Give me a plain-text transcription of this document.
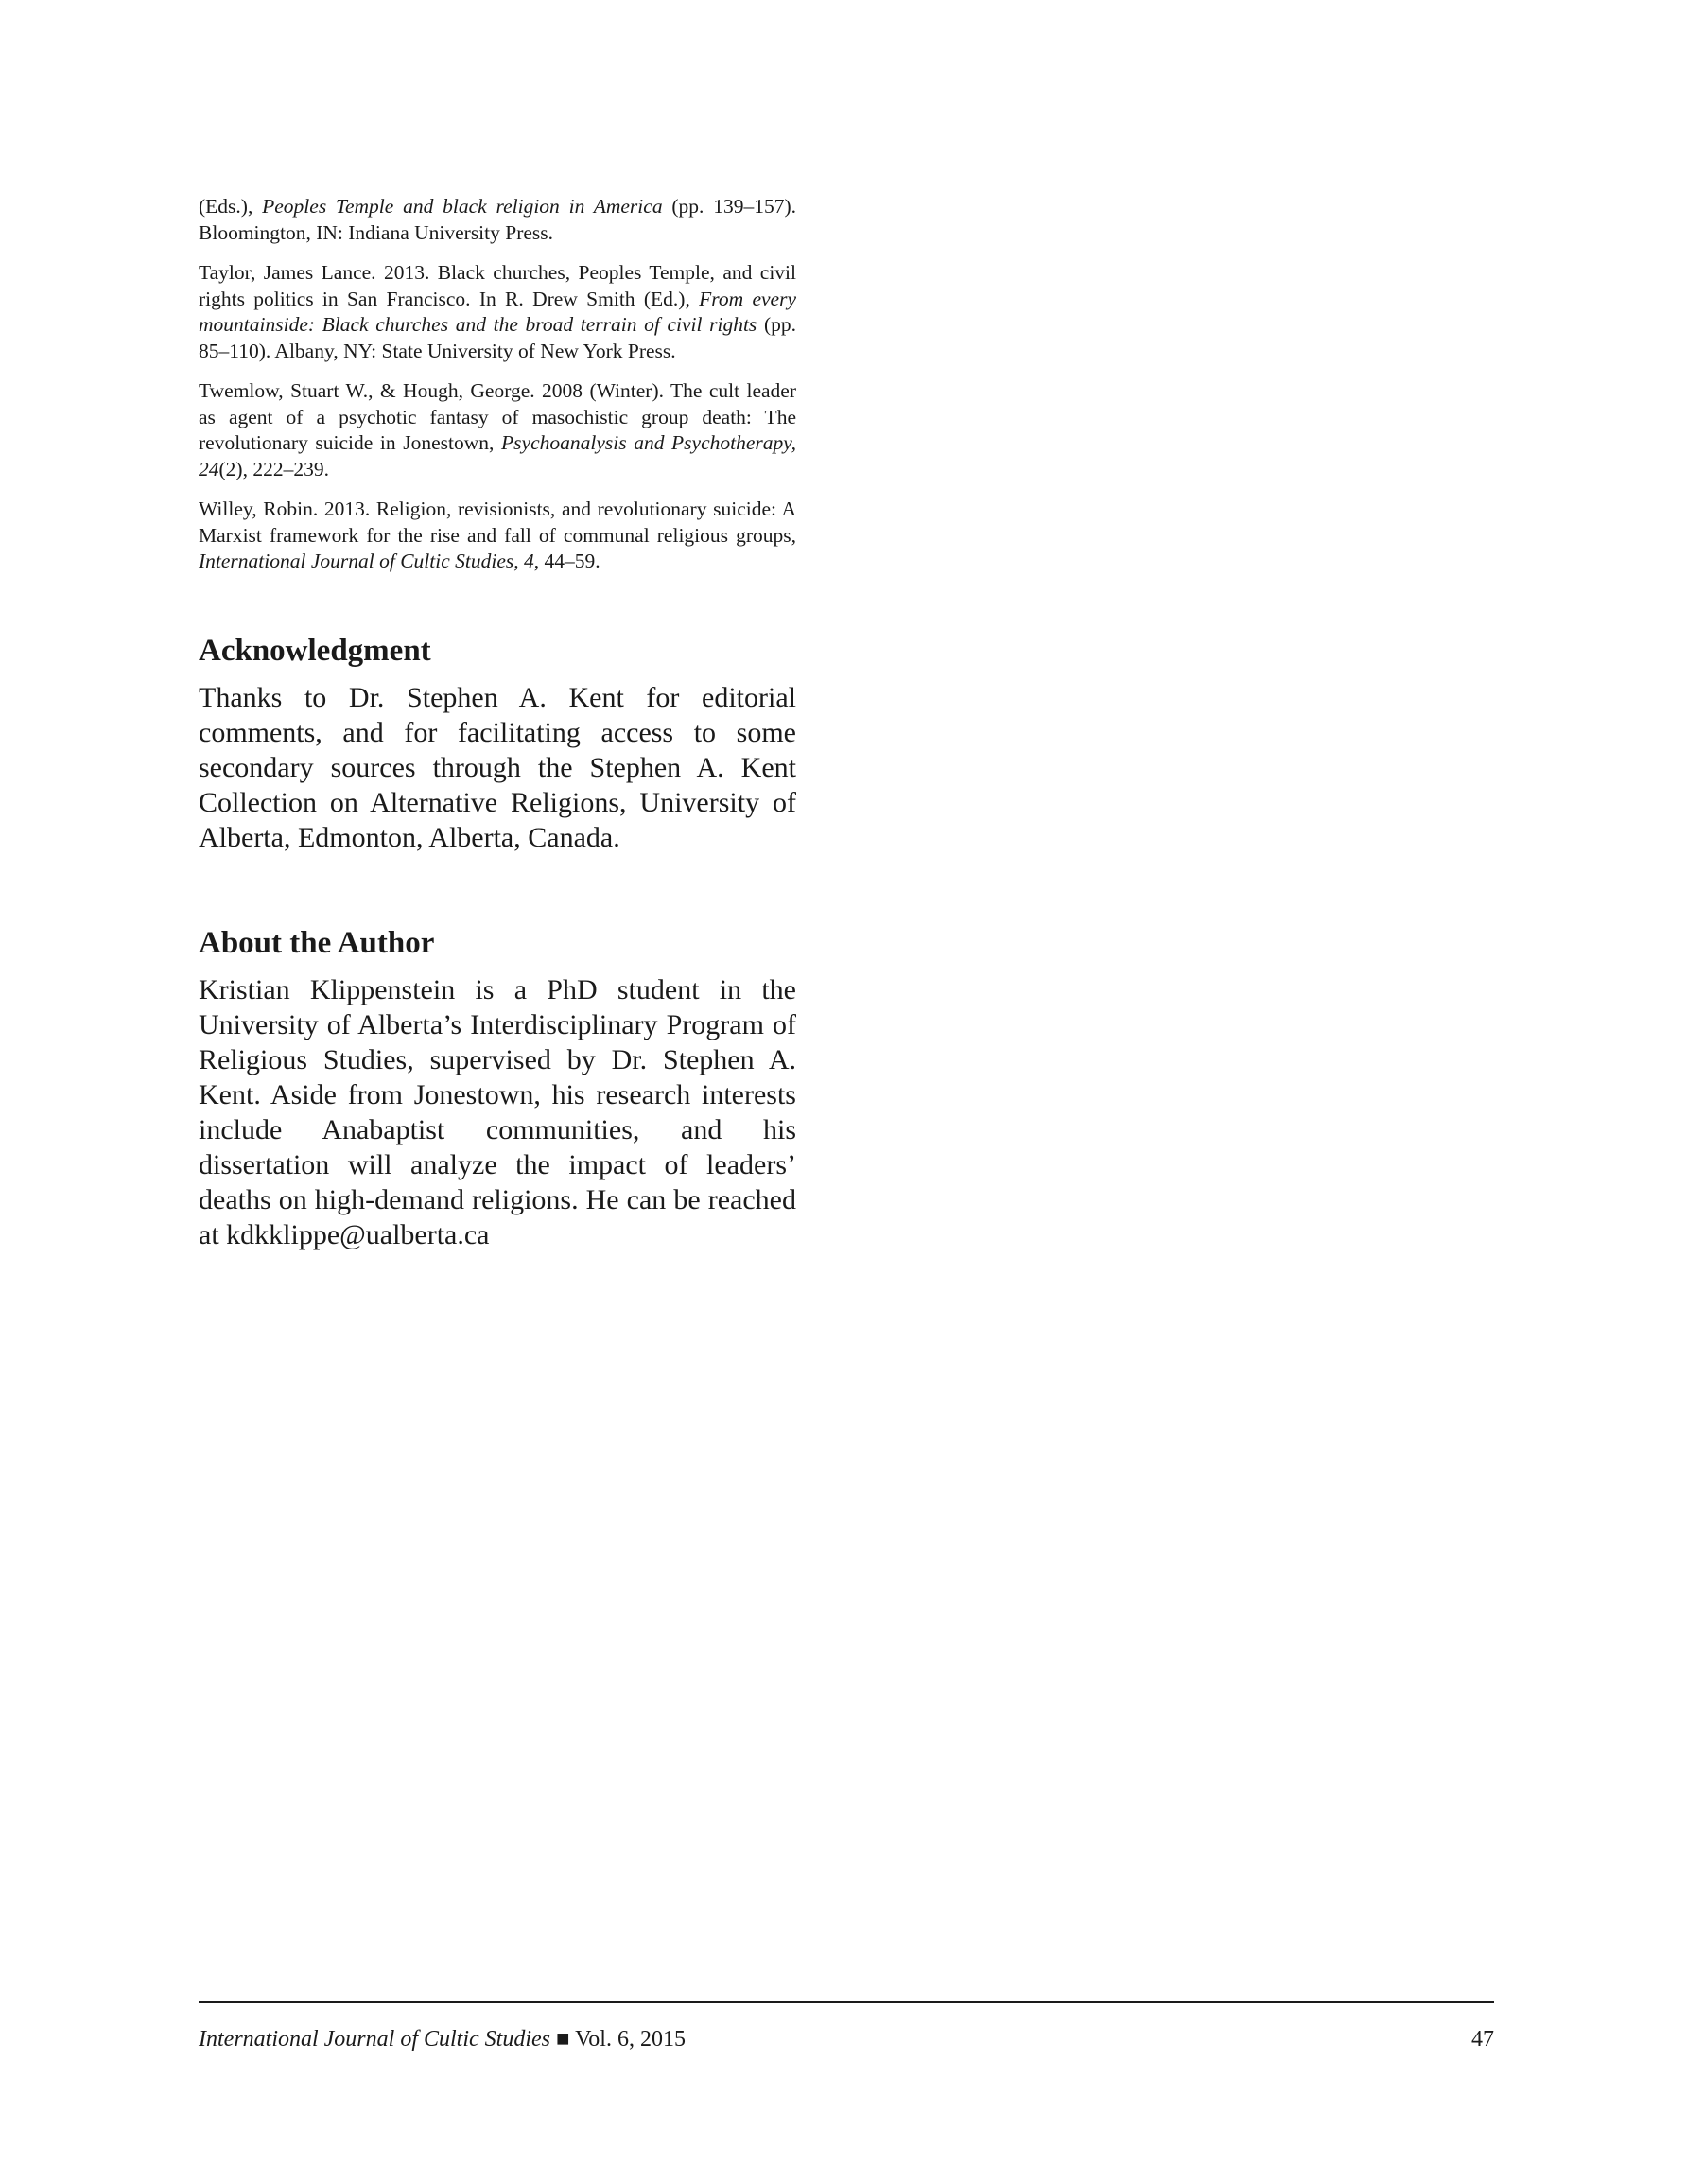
(Eds.), Peoples Temple and black religion in America (pp. 139–157). Bloomington, IN: Indiana University Press.

Taylor, James Lance. 2013. Black churches, Peoples Temple, and civil rights politics in San Francisco. In R. Drew Smith (Ed.), From every mountainside: Black churches and the broad terrain of civil rights (pp. 85–110). Albany, NY: State University of New York Press.

Twemlow, Stuart W., & Hough, George. 2008 (Winter). The cult leader as agent of a psychotic fantasy of masochistic group death: The revolutionary suicide in Jonestown, Psychoanalysis and Psychotherapy, 24(2), 222–239.

Willey, Robin. 2013. Religion, revisionists, and revolutionary suicide: A Marxist framework for the rise and fall of communal religious groups, International Journal of Cultic Studies, 4, 44–59.

Acknowledgment

Thanks to Dr. Stephen A. Kent for editorial comments, and for facilitating access to some secondary sources through the Stephen A. Kent Collection on Alternative Religions, University of Alberta, Edmonton, Alberta, Canada.

About the Author

Kristian Klippenstein is a PhD student in the University of Alberta’s Interdisciplinary Program of Religious Studies, supervised by Dr. Stephen A. Kent. Aside from Jonestown, his research interests include Anabaptist communities, and his dissertation will analyze the impact of leaders’ deaths on high-demand religions. He can be reached at kdkklippe@ualberta.ca

International Journal of Cultic Studies ■ Vol. 6, 2015	47
